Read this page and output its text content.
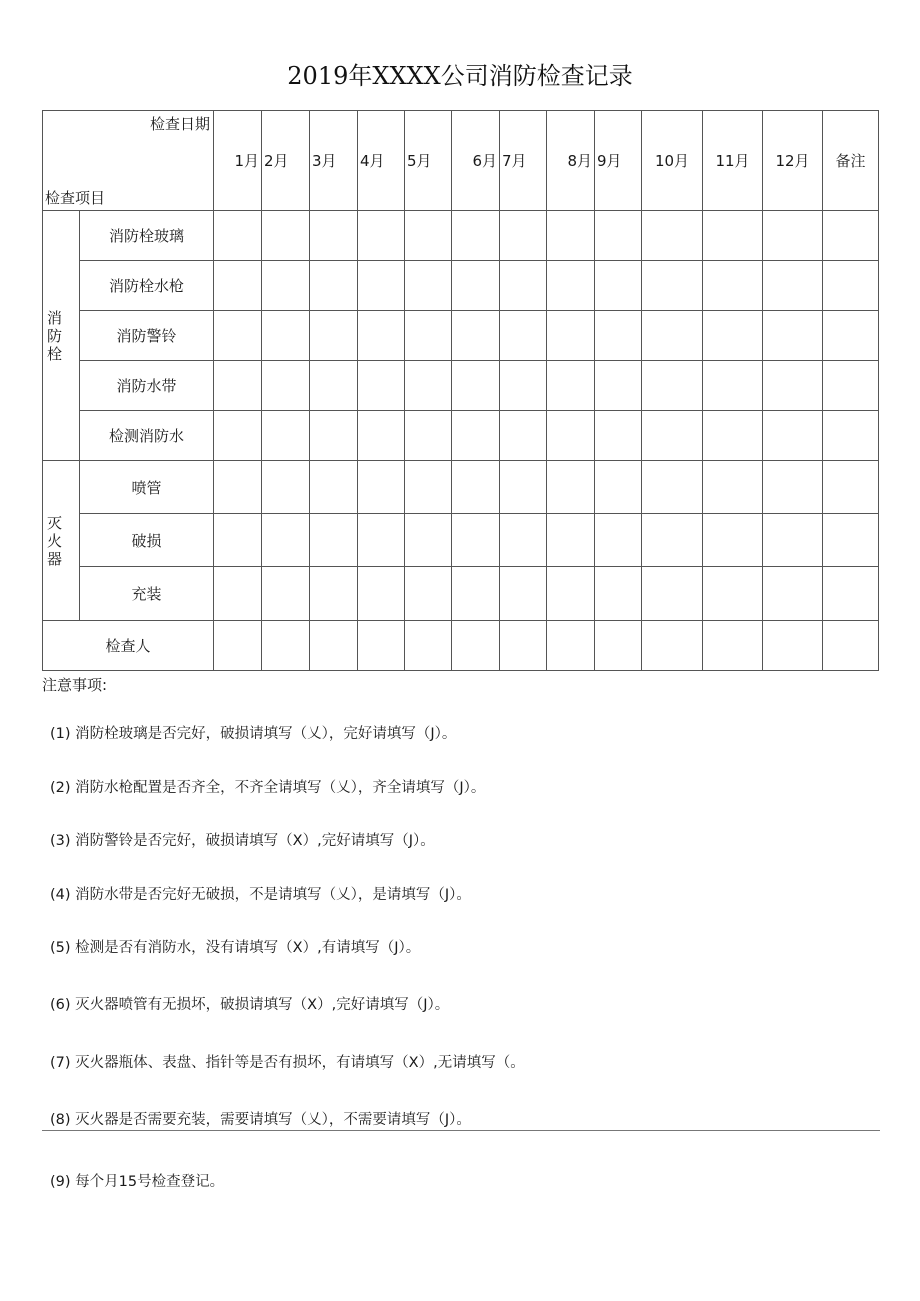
2019年XXXX公司消防检查记录
检查日期
检查项目		1月	2月	3月	4月	5月	6月	7月	8月	9月	10月	11月	12月	备注

消
防
栓	消防栓玻璃													
	消防栓水枪													
	消防警铃													
	消防水带													
	检测消防水													

灭
火
器	喷管													
	破损													
	充装													
检查人														
注意事项:
(1) 消防栓玻璃是否完好，破损请填写（乂），完好请填写（J）。
(2) 消防水枪配置是否齐全，不齐全请填写（乂），齐全请填写（J）。
(3) 消防警铃是否完好，破损请填写（X）,完好请填写（J）。
(4) 消防水带是否完好无破损，不是请填写（乂），是请填写（J）。
(5) 检测是否有消防水，没有请填写（X）,有请填写（J）。
(6) 灭火器喷管有无损坏，破损请填写（X）,完好请填写（J）。
(7) 灭火器瓶体、表盘、指针等是否有损坏，有请填写（X）,无请填写（。
(8) 灭火器是否需要充装，需要请填写（乂），不需要请填写（J）。
(9) 每个月15号检查登记。
